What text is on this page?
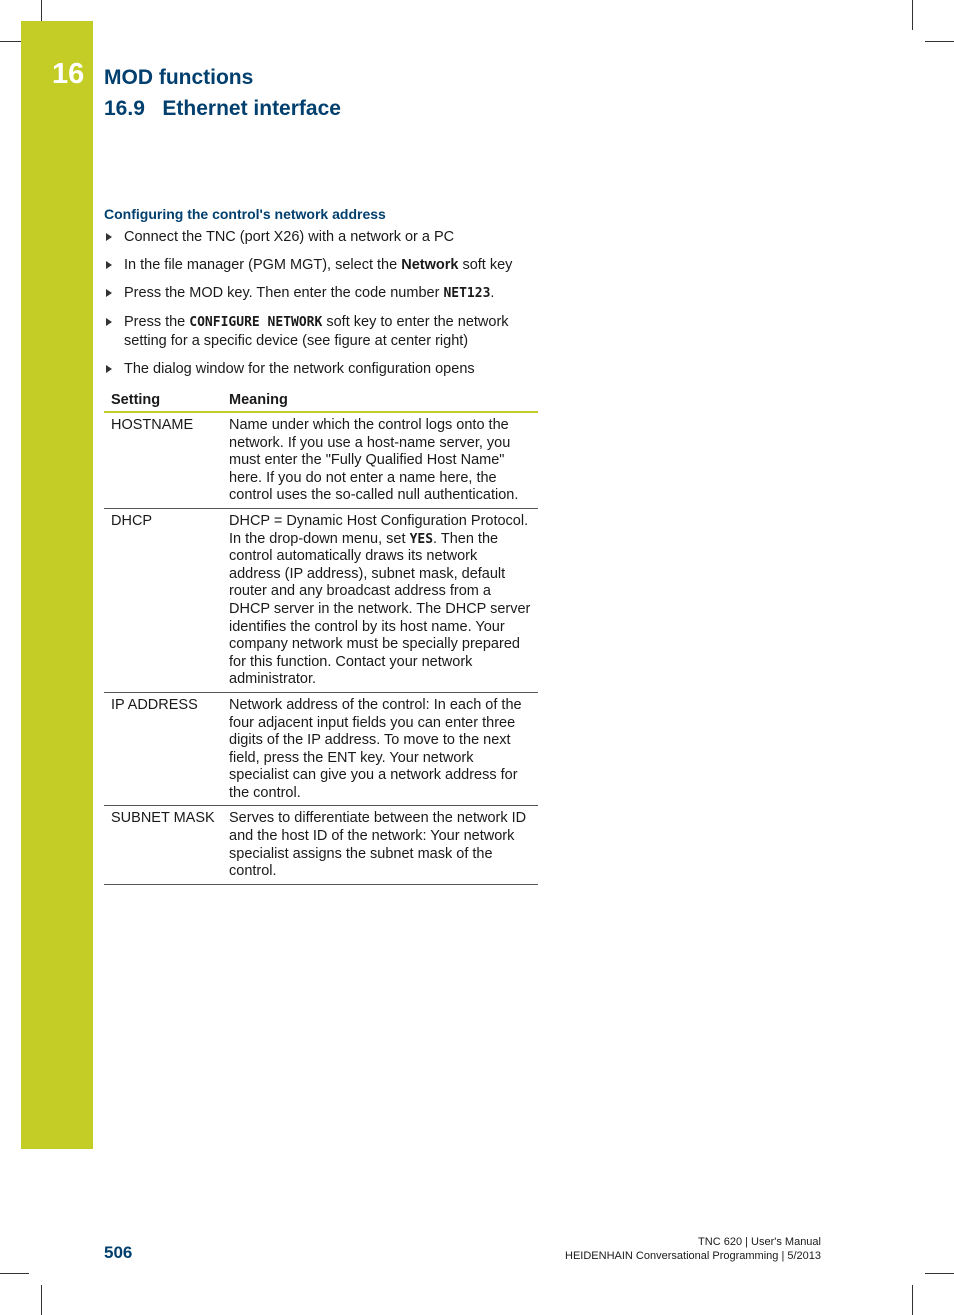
16 MOD functions
16.9 Ethernet interface
Configuring the control's network address
Connect the TNC (port X26) with a network or a PC
In the file manager (PGM MGT), select the Network soft key
Press the MOD key. Then enter the code number NET123.
Press the CONFIGURE NETWORK soft key to enter the network setting for a specific device (see figure at center right)
The dialog window for the network configuration opens
Setting	Meaning
HOSTNAME	Name under which the control logs onto the network. If you use a host-name server, you must enter the "Fully Qualified Host Name" here. If you do not enter a name here, the control uses the so-called null authentication.
DHCP	DHCP = Dynamic Host Configuration Protocol. In the drop-down menu, set YES. Then the control automatically draws its network address (IP address), subnet mask, default router and any broadcast address from a DHCP server in the network. The DHCP server identifies the control by its host name. Your company network must be specially prepared for this function. Contact your network administrator.
IP ADDRESS	Network address of the control: In each of the four adjacent input fields you can enter three digits of the IP address. To move to the next field, press the ENT key. Your network specialist can give you a network address for the control.
SUBNET MASK	Serves to differentiate between the network ID and the host ID of the network: Your network specialist assigns the subnet mask of the control.
506
TNC 620 | User's Manual
HEIDENHAIN Conversational Programming | 5/2013
